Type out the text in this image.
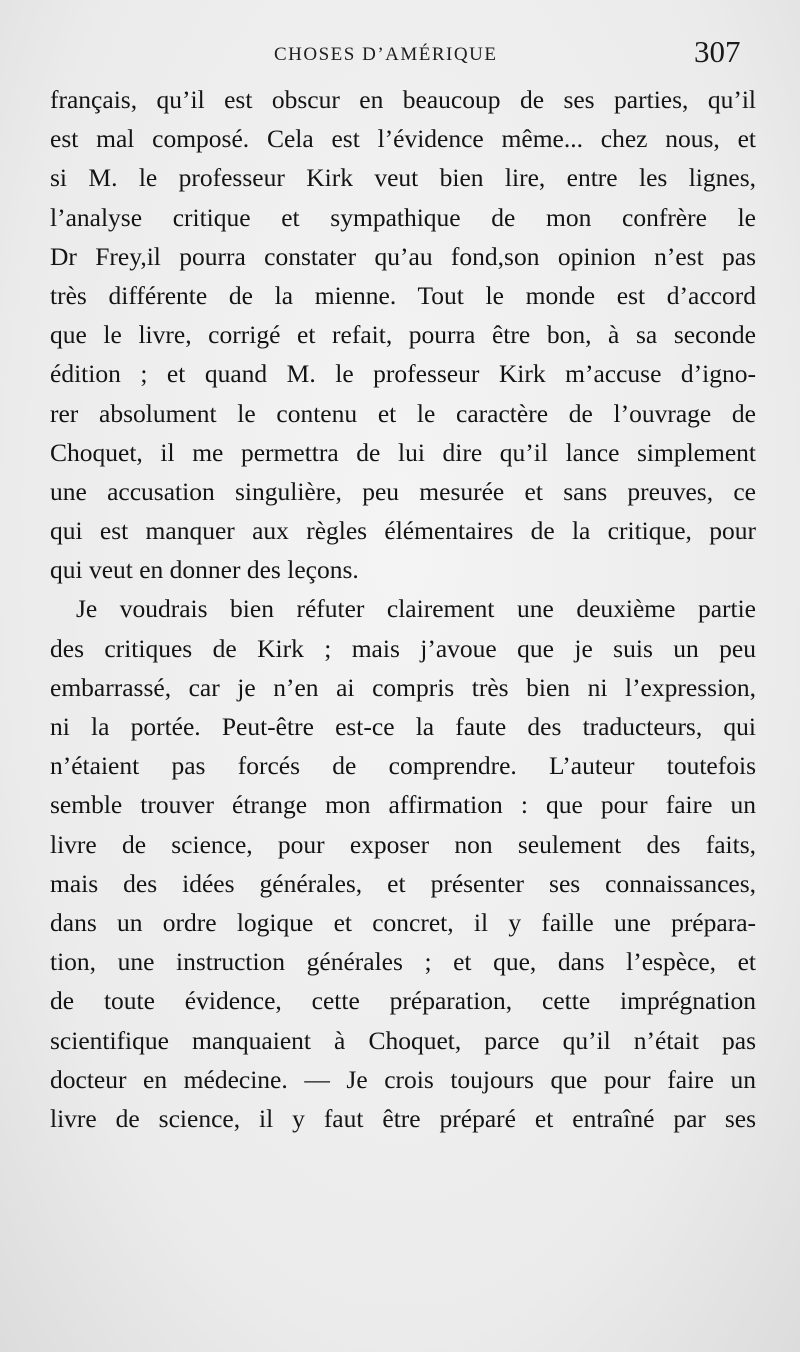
CHOSES D’AMÉRIQUE	307
français, qu’il est obscur en beaucoup de ses parties, qu’il
est mal composé. Cela est l’évidence même... chez nous, et
si M. le professeur Kirk veut bien lire, entre les lignes,
l’analyse critique et sympathique de mon confrère le
Dr Frey,il pourra constater qu’au fond,son opinion n’est pas
très différente de la mienne. Tout le monde est d’accord
que le livre, corrigé et refait, pourra être bon, à sa seconde
édition ; et quand M. le professeur Kirk m’accuse d’igno-
rer absolument le contenu et le caractère de l’ouvrage de
Choquet, il me permettra de lui dire qu’il lance simplement
une accusation singulière, peu mesurée et sans preuves, ce
qui est manquer aux règles élémentaires de la critique, pour
qui veut en donner des leçons.
Je voudrais bien réfuter clairement une deuxième partie
des critiques de Kirk ; mais j’avoue que je suis un peu
embarrassé, car je n’en ai compris très bien ni l’expression,
ni la portée. Peut-être est-ce la faute des traducteurs, qui
n’étaient pas forcés de comprendre. L’auteur toutefois
semble trouver étrange mon affirmation : que pour faire un
livre de science, pour exposer non seulement des faits,
mais des idées générales, et présenter ses connaissances,
dans un ordre logique et concret, il y faille une prépara-
tion, une instruction générales ; et que, dans l’espèce, et
de toute évidence, cette préparation, cette imprégnation
scientifique manquaient à Choquet, parce qu’il n’était pas
docteur en médecine. — Je crois toujours que pour faire un
livre de science, il y faut être préparé et entraîné par ses
